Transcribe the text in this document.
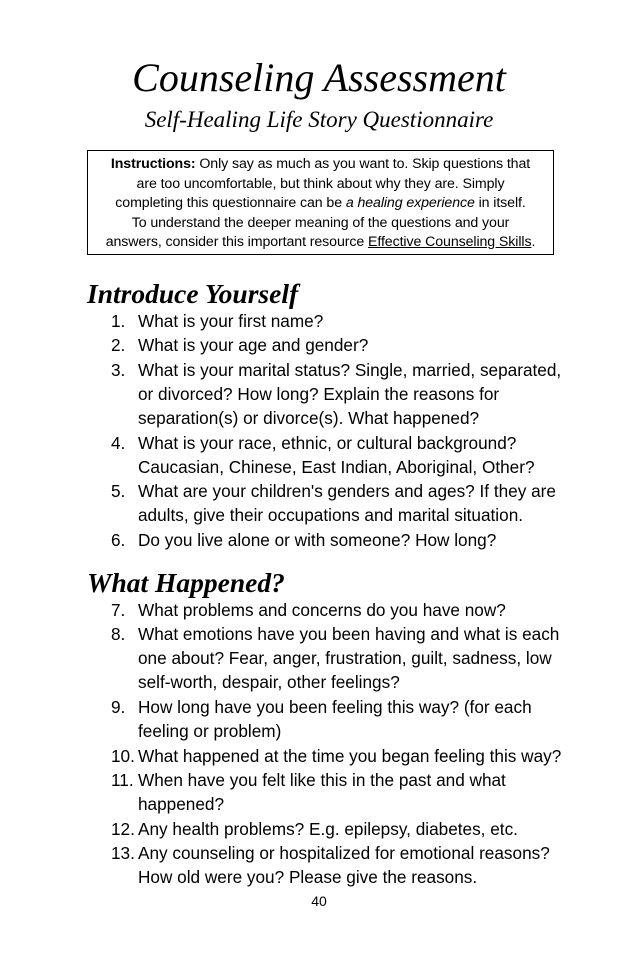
Counseling Assessment
Self-Healing Life Story Questionnaire
Instructions: Only say as much as you want to. Skip questions that
are too uncomfortable, but think about why they are. Simply
completing this questionnaire can be a healing experience in itself.
To understand the deeper meaning of the questions and your
answers, consider this important resource Effective Counseling Skills.
Introduce Yourself
What Happened?
1. What is your first name?
2. What is your age and gender?
3. What is your marital status? Single, married, separated,
or divorced? How long? Explain the reasons for
separation(s) or divorce(s). What happened?
4. What is your race, ethnic, or cultural background?
Caucasian, Chinese, East Indian, Aboriginal, Other?
5. What are your children's genders and ages? If they are
adults, give their occupations and marital situation.
6. Do you live alone or with someone? How long?
7. What problems and concerns do you have now?
8. What emotions have you been having and what is each
one about? Fear, anger, frustration, guilt, sadness, low
self-worth, despair, other feelings?
9. How long have you been feeling this way? (for each
feeling or problem)
10. What happened at the time you began feeling this way?
11. When have you felt like this in the past and what
happened?
12. Any health problems? E.g. epilepsy, diabetes, etc.
13. Any counseling or hospitalized for emotional reasons?
How old were you? Please give the reasons.
40
